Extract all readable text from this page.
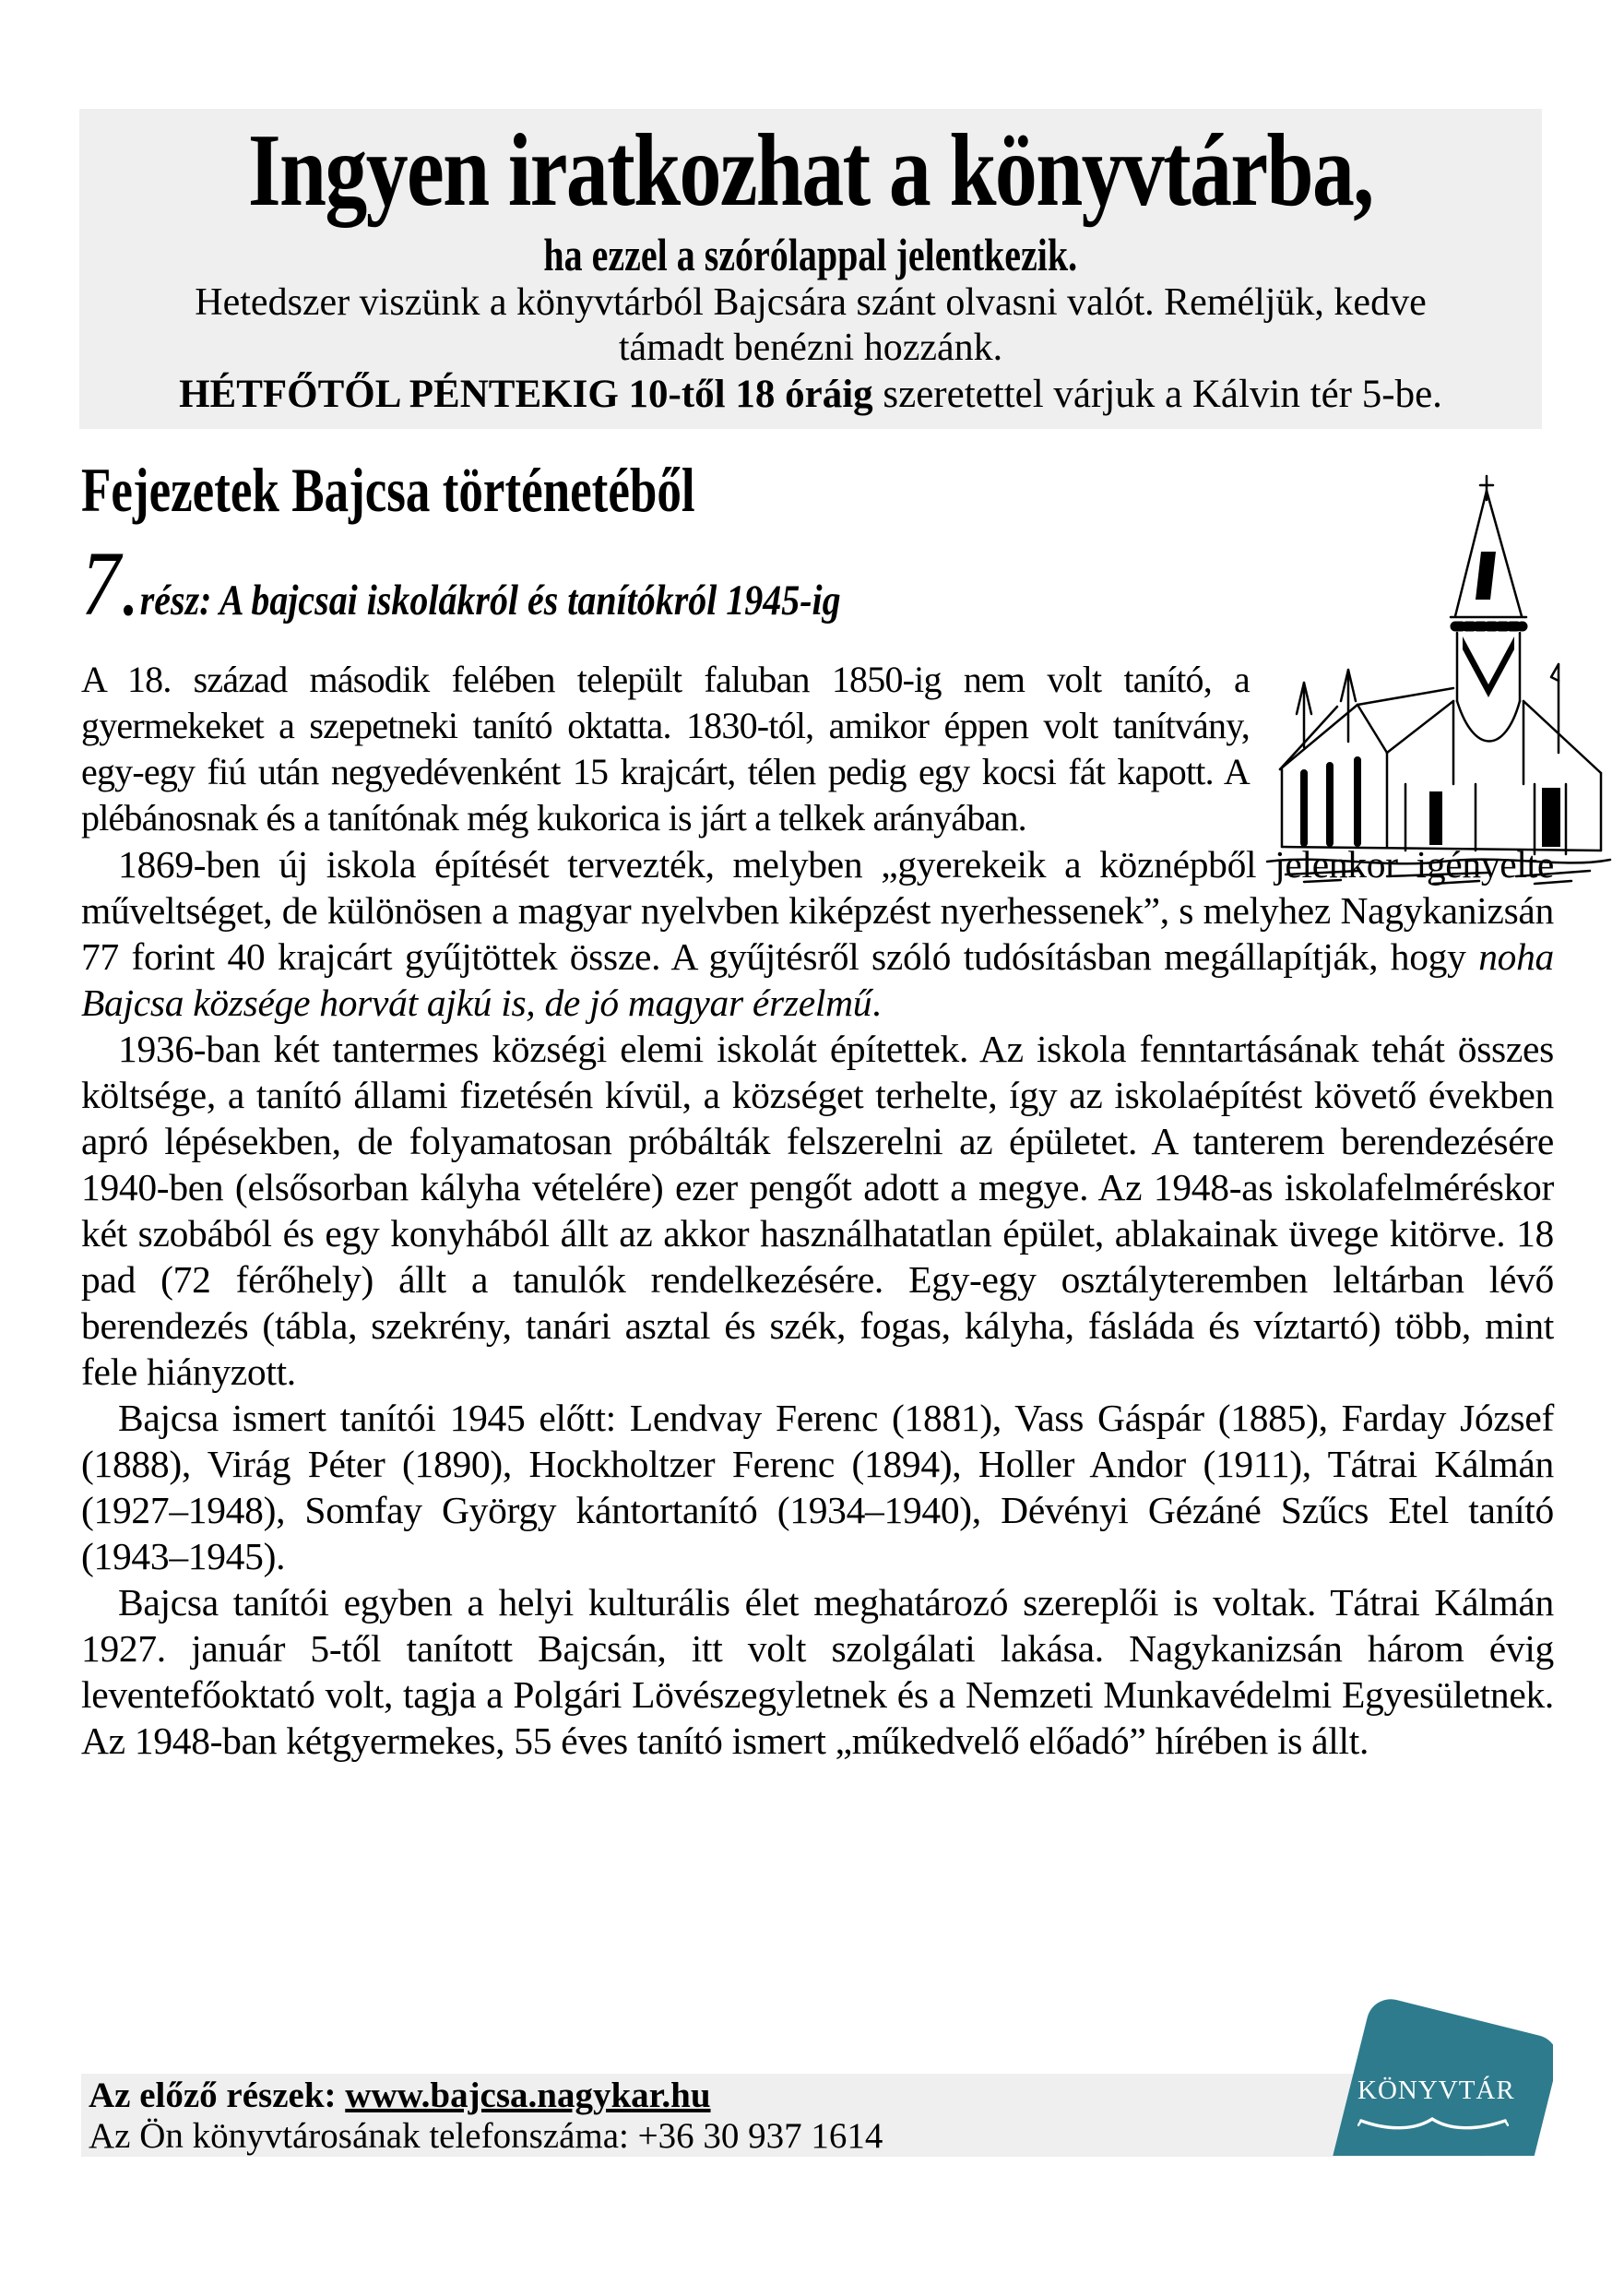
Ingyen iratkozhat a könyvtárba,
ha ezzel a szórólappal jelentkezik.
Hetedszer viszünk a könyvtárból Bajcsára szánt olvasni valót. Reméljük, kedve
támadt benézni hozzánk.
HÉTFŐTŐL PÉNTEKIG 10-től 18 óráig szeretettel várjuk a Kálvin tér 5-be.
Fejezetek Bajcsa történetéből
7. rész: A bajcsai iskolákról és tanítókról 1945-ig

A 18. század második felében települt faluban 1850-ig nem volt tanító, a gyermekeket a szepetneki tanító oktatta. 1830-tól, amikor éppen volt tanítvány, egy-egy fiú után negyedévenként 15 krajcárt, télen pedig egy kocsi fát kapott. A plébánosnak és a tanítónak még kukorica is járt a telkek arányában.

1869-ben új iskola építését tervezték, melyben „gyerekeik a köznépből jelenkor igényelte műveltséget, de különösen a magyar nyelvben kiképzést nyerhessenek”, s melyhez Nagykanizsán 77 forint 40 krajcárt gyűjtöttek össze. A gyűjtésről szóló tudósításban megállapítják, hogy noha Bajcsa községe horvát ajkú is, de jó magyar érzelmű.

1936-ban két tantermes községi elemi iskolát építettek. Az iskola fenntartásának tehát összes költsége, a tanító állami fizetésén kívül, a községet terhelte, így az iskolaépítést követő években apró lépésekben, de folyamatosan próbálták felszerelni az épületet. A tanterem berendezésére 1940-ben (elsősorban kályha vételére) ezer pengőt adott a megye. Az 1948-as iskolafelméréskor két szobából és egy konyhából állt az akkor használhatatlan épület, ablakainak üvege kitörve. 18 pad (72 férőhely) állt a tanulók rendelkezésére. Egy-egy osztályteremben leltárban lévő berendezés (tábla, szekrény, tanári asztal és szék, fogas, kályha, fásláda és víztartó) több, mint fele hiányzott.

Bajcsa ismert tanítói 1945 előtt: Lendvay Ferenc (1881), Vass Gáspár (1885), Farday József (1888), Virág Péter (1890), Hockholtzer Ferenc (1894), Holler Andor (1911), Tátrai Kálmán (1927–1948), Somfay György kántortanító (1934–1940), Dévényi Gézáné Szűcs Etel tanító (1943–1945).

Bajcsa tanítói egyben a helyi kulturális élet meghatározó szereplői is voltak. Tátrai Kálmán 1927. január 5-től tanított Bajcsán, itt volt szolgálati lakása. Nagykanizsán három évig leventefőoktató volt, tagja a Polgári Lövészegyletnek és a Nemzeti Munkavédelmi Egyesületnek. Az 1948-ban kétgyermekes, 55 éves tanító ismert „műkedvelő előadó” hírében is állt.

Az előző részek: www.bajcsa.nagykar.hu
Az Ön könyvtárosának telefonszáma: +36 30 937 1614
KÖNYVTÁR
